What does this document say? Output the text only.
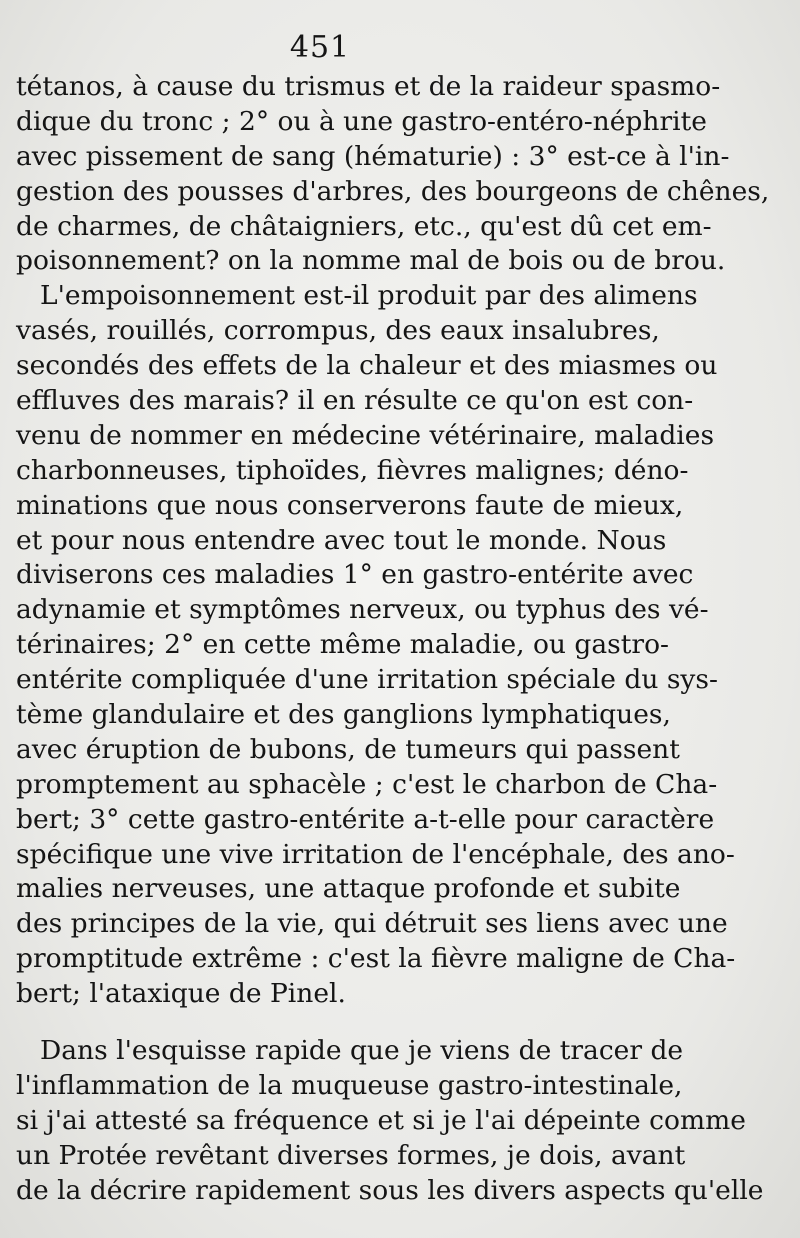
451
tétanos, à cause du trismus et de la raideur spasmo-
dique du tronc ; 2° ou à une gastro-entéro-néphrite
avec pissement de sang (hématurie) : 3° est-ce à l'in-
gestion des pousses d'arbres, des bourgeons de chênes,
de charmes, de châtaigniers, etc., qu'est dû cet em-
poisonnement? on la nomme mal de bois ou de brou.
L'empoisonnement est-il produit par des alimens
vasés, rouillés, corrompus, des eaux insalubres,
secondés des effets de la chaleur et des miasmes ou
effluves des marais? il en résulte ce qu'on est con-
venu de nommer en médecine vétérinaire, maladies
charbonneuses, tiphoïdes, fièvres malignes; déno-
minations que nous conserverons faute de mieux,
et pour nous entendre avec tout le monde. Nous
diviserons ces maladies 1° en gastro-entérite avec
adynamie et symptômes nerveux, ou typhus des vé-
térinaires; 2° en cette même maladie, ou gastro-
entérite compliquée d'une irritation spéciale du sys-
tème glandulaire et des ganglions lymphatiques,
avec éruption de bubons, de tumeurs qui passent
promptement au sphacèle ; c'est le charbon de Cha-
bert; 3° cette gastro-entérite a-t-elle pour caractère
spécifique une vive irritation de l'encéphale, des ano-
malies nerveuses, une attaque profonde et subite
des principes de la vie, qui détruit ses liens avec une
promptitude extrême : c'est la fièvre maligne de Cha-
bert; l'ataxique de Pinel.
Dans l'esquisse rapide que je viens de tracer de
l'inflammation de la muqueuse gastro-intestinale,
si j'ai attesté sa fréquence et si je l'ai dépeinte comme
un Protée revêtant diverses formes, je dois, avant
de la décrire rapidement sous les divers aspects qu'elle
